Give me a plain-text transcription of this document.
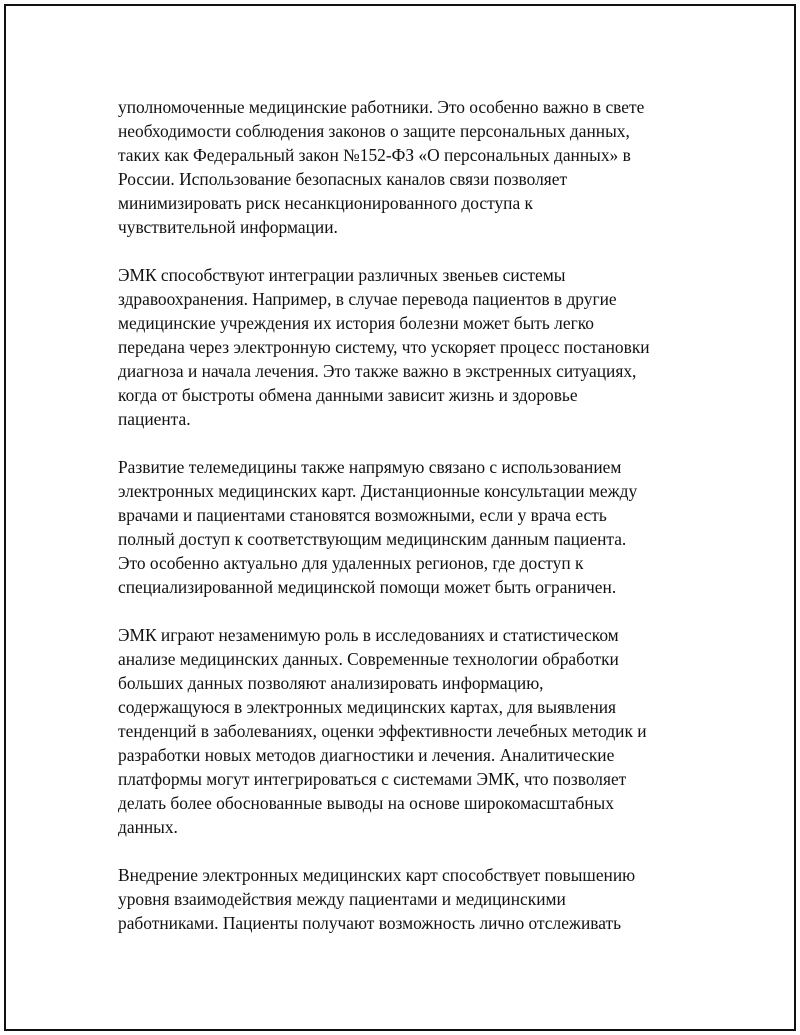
уполномоченные медицинские работники. Это особенно важно в свете
необходимости соблюдения законов о защите персональных данных,
таких как Федеральный закон №152-ФЗ «О персональных данных» в
России. Использование безопасных каналов связи позволяет
минимизировать риск несанкционированного доступа к
чувствительной информации.

ЭМК способствуют интеграции различных звеньев системы
здравоохранения. Например, в случае перевода пациентов в другие
медицинские учреждения их история болезни может быть легко
передана через электронную систему, что ускоряет процесс постановки
диагноза и начала лечения. Это также важно в экстренных ситуациях,
когда от быстроты обмена данными зависит жизнь и здоровье
пациента.

Развитие телемедицины также напрямую связано с использованием
электронных медицинских карт. Дистанционные консультации между
врачами и пациентами становятся возможными, если у врача есть
полный доступ к соответствующим медицинским данным пациента.
Это особенно актуально для удаленных регионов, где доступ к
специализированной медицинской помощи может быть ограничен.

ЭМК играют незаменимую роль в исследованиях и статистическом
анализе медицинских данных. Современные технологии обработки
больших данных позволяют анализировать информацию,
содержащуюся в электронных медицинских картах, для выявления
тенденций в заболеваниях, оценки эффективности лечебных методик и
разработки новых методов диагностики и лечения. Аналитические
платформы могут интегрироваться с системами ЭМК, что позволяет
делать более обоснованные выводы на основе широкомасштабных
данных.

Внедрение электронных медицинских карт способствует повышению
уровня взаимодействия между пациентами и медицинскими
работниками. Пациенты получают возможность лично отслеживать
